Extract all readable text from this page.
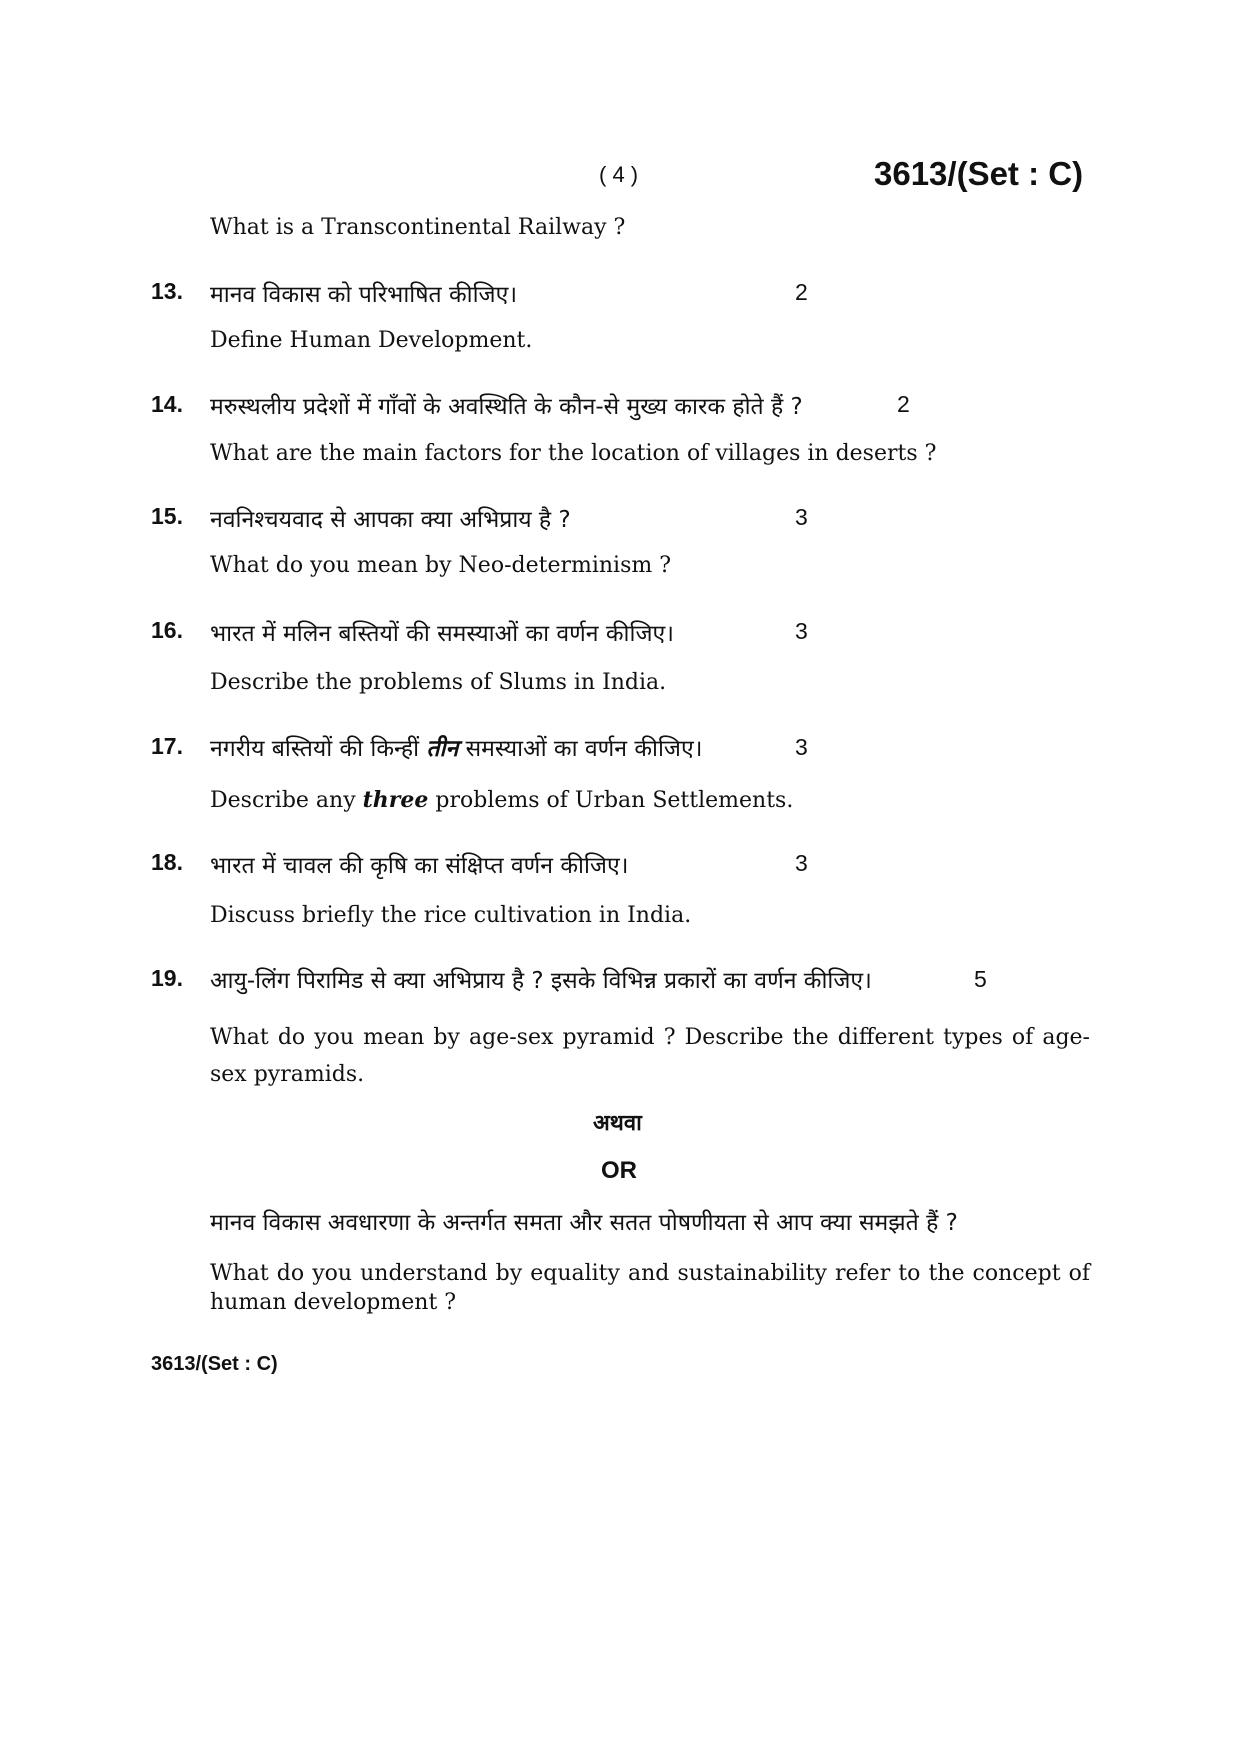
( 4 )	3613/(Set : C)
What is a Transcontinental Railway ?
13. मानव विकास को परिभाषित कीजिए।	2
Define Human Development.
14. मरुस्थलीय प्रदेशों में गाँवों के अवस्थिति के कौन-से मुख्य कारक होते हैं ?	2
What are the main factors for the location of villages in deserts ?
15. नवनिश्चयवाद से आपका क्या अभिप्राय है ?	3
What do you mean by Neo-determinism ?
16. भारत में मलिन बस्तियों की समस्याओं का वर्णन कीजिए।	3
Describe the problems of Slums in India.
17. नगरीय बस्तियों की किन्हीं तीन समस्याओं का वर्णन कीजिए।	3
Describe any three problems of Urban Settlements.
18. भारत में चावल की कृषि का संक्षिप्त वर्णन कीजिए।	3
Discuss briefly the rice cultivation in India.
19. आयु-लिंग पिरामिड से क्या अभिप्राय है ? इसके विभिन्न प्रकारों का वर्णन कीजिए।	5
What do you mean by age-sex pyramid ? Describe the different types of age-sex pyramids.
अथवा
OR
मानव विकास अवधारणा के अन्तर्गत समता और सतत पोषणीयता से आप क्या समझते हैं ?
What do you understand by equality and sustainability refer to the concept of human development ?
3613/(Set : C)
